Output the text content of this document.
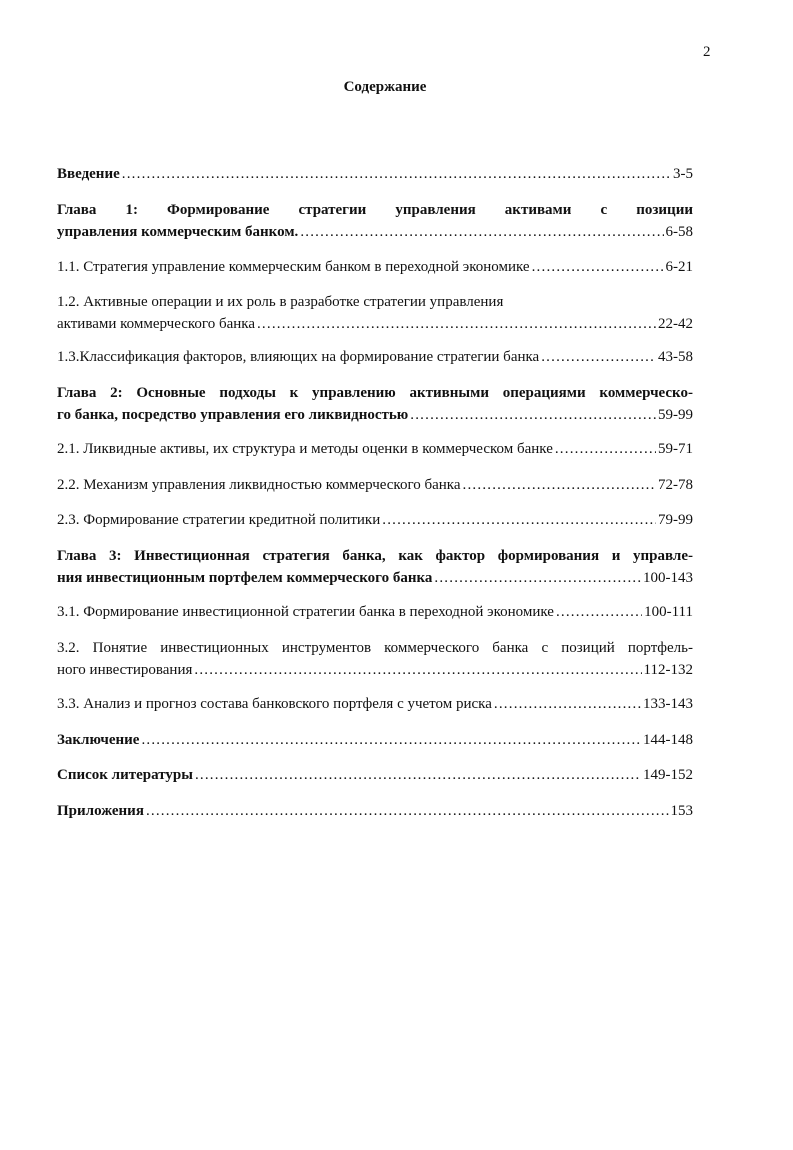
2
Содержание
Введение .....	3-5
Глава 1: Формирование стратегии управления активами с позиции
управления коммерческим банком. .....	6-58
1.1. Стратегия управление коммерческим банком в переходной экономике .....	6-21
1.2. Активные операции и их роль в разработке стратегии управления
активами коммерческого банка .....	22-42
1.3.Классификация факторов, влияющих на формирование стратегии банка .....	43-58
Глава 2: Основные подходы к управлению активными операциями коммерческо-
го банка, посредство управления его ликвидностью .....	59-99
2.1. Ликвидные активы, их структура и методы оценки в коммерческом банке .....	59-71
2.2. Механизм управления ликвидностью коммерческого банка .....	72-78
2.3. Формирование стратегии кредитной политики .....	79-99
Глава 3: Инвестиционная стратегия банка, как фактор формирования и управле-
ния инвестиционным портфелем коммерческого банка .....	100-143
3.1. Формирование инвестиционной стратегии банка в переходной экономике .....	100-111
3.2. Понятие инвестиционных инструментов коммерческого банка с позиций портфель-
ного инвестирования .....	112-132
3.3. Анализ и прогноз состава банковского портфеля с учетом риска .....	133-143
Заключение .....	144-148
Список литературы .....	149-152
Приложения .....	153
